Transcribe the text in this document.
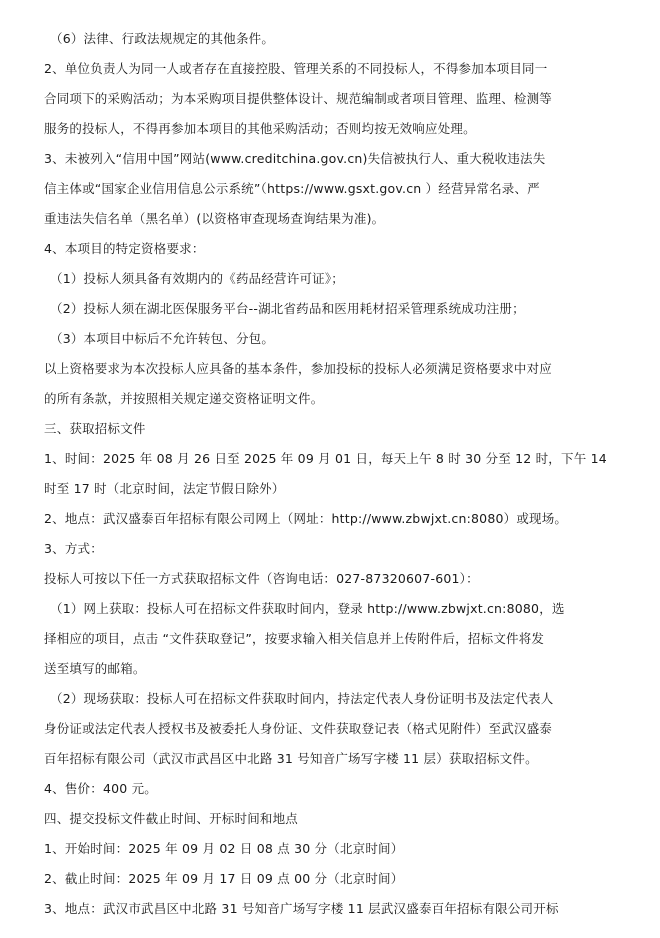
（6）法律、行政法规规定的其他条件。
2、单位负责人为同一人或者存在直接控股、管理关系的不同投标人，不得参加本项目同一
合同项下的采购活动；为本采购项目提供整体设计、规范编制或者项目管理、监理、检测等
服务的投标人，不得再参加本项目的其他采购活动；否则均按无效响应处理。
3、未被列入“信用中国”网站(www.creditchina.gov.cn)失信被执行人、重大税收违法失
信主体或“国家企业信用信息公示系统”（https://www.gsxt.gov.cn ）经营异常名录、严
重违法失信名单（黑名单）(以资格审查现场查询结果为准)。
4、本项目的特定资格要求：
（1）投标人须具备有效期内的《药品经营许可证》；
（2）投标人须在湖北医保服务平台--湖北省药品和医用耗材招采管理系统成功注册；
（3）本项目中标后不允许转包、分包。
以上资格要求为本次投标人应具备的基本条件，参加投标的投标人必须满足资格要求中对应
的所有条款，并按照相关规定递交资格证明文件。
三、获取招标文件
1、时间：2025 年 08 月 26 日至 2025 年 09 月 01 日，每天上午 8 时 30 分至 12 时，下午 14
时至 17 时（北京时间，法定节假日除外）
2、地点：武汉盛泰百年招标有限公司网上（网址：http://www.zbwjxt.cn:8080）或现场。
3、方式：
投标人可按以下任一方式获取招标文件（咨询电话：027-87320607-601）：
（1）网上获取：投标人可在招标文件获取时间内，登录 http://www.zbwjxt.cn:8080，选
择相应的项目，点击 “文件获取登记”，按要求输入相关信息并上传附件后，招标文件将发
送至填写的邮箱。
（2）现场获取：投标人可在招标文件获取时间内，持法定代表人身份证明书及法定代表人
身份证或法定代表人授权书及被委托人身份证、文件获取登记表（格式见附件）至武汉盛泰
百年招标有限公司（武汉市武昌区中北路 31 号知音广场写字楼 11 层）获取招标文件。
4、售价：400 元。
四、提交投标文件截止时间、开标时间和地点
1、开始时间：2025 年 09 月 02 日 08 点 30 分（北京时间）
2、截止时间：2025 年 09 月 17 日 09 点 00 分（北京时间）
3、地点：武汉市武昌区中北路 31 号知音广场写字楼 11 层武汉盛泰百年招标有限公司开标
